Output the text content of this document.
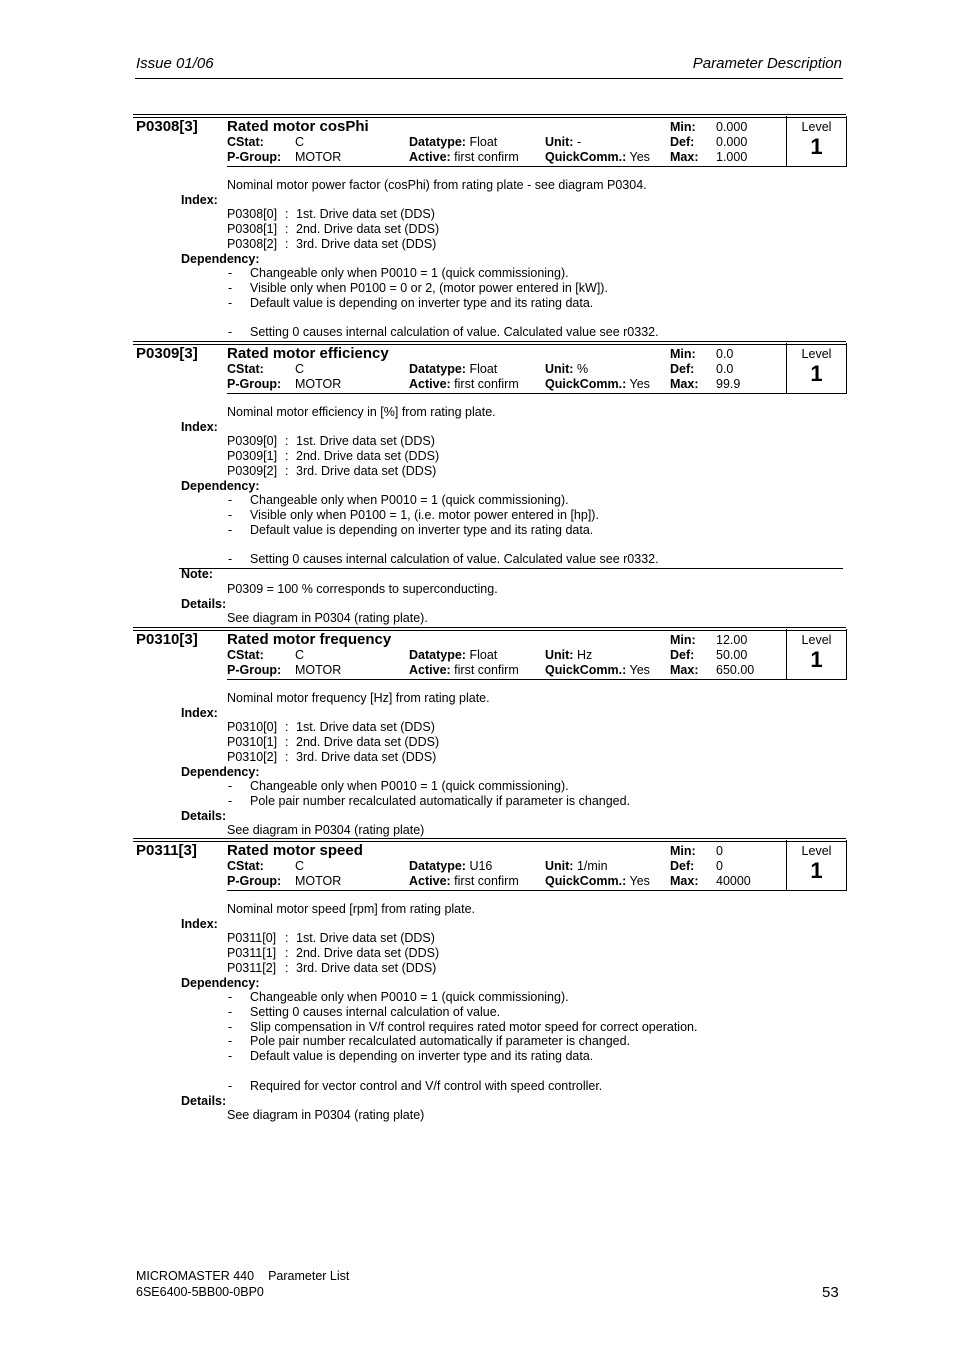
Issue 01/06	Parameter Description
P0308[3] Rated motor cosPhi
CStat: C
P-Group: MOTOR
Datatype: Float
Active: first confirm
Unit: -
QuickComm.: Yes
Min: 0.000
Def: 0.000
Max: 1.000
Level
1
Nominal motor power factor (cosPhi) from rating plate - see diagram P0304.
Index:
P0308[0] : 1st. Drive data set (DDS)
P0308[1] : 2nd. Drive data set (DDS)
P0308[2] : 3rd. Drive data set (DDS)
Dependency:
- Changeable only when P0010 = 1 (quick commissioning).
- Visible only when P0100 = 0 or 2, (motor power entered in [kW]).
- Default value is depending on inverter type and its rating data.
- Setting 0 causes internal calculation of value. Calculated value see r0332.
P0309[3] Rated motor efficiency
CStat: C
P-Group: MOTOR
Datatype: Float
Active: first confirm
Unit: %
QuickComm.: Yes
Min: 0.0
Def: 0.0
Max: 99.9
Level
1
Nominal motor efficiency in [%] from rating plate.
Index:
P0309[0] : 1st. Drive data set (DDS)
P0309[1] : 2nd. Drive data set (DDS)
P0309[2] : 3rd. Drive data set (DDS)
Dependency:
- Changeable only when P0010 = 1 (quick commissioning).
- Visible only when P0100 = 1, (i.e. motor power entered in [hp]).
- Default value is depending on inverter type and its rating data.
- Setting 0 causes internal calculation of value. Calculated value see r0332.
Note:
P0309 = 100 % corresponds to superconducting.
Details:
See diagram in P0304 (rating plate).
P0310[3] Rated motor frequency
CStat: C
P-Group: MOTOR
Datatype: Float
Active: first confirm
Unit: Hz
QuickComm.: Yes
Min: 12.00
Def: 50.00
Max: 650.00
Level
1
Nominal motor frequency [Hz] from rating plate.
Index:
P0310[0] : 1st. Drive data set (DDS)
P0310[1] : 2nd. Drive data set (DDS)
P0310[2] : 3rd. Drive data set (DDS)
Dependency:
- Changeable only when P0010 = 1 (quick commissioning).
- Pole pair number recalculated automatically if parameter is changed.
Details:
See diagram in P0304 (rating plate)
P0311[3] Rated motor speed
CStat: C
P-Group: MOTOR
Datatype: U16
Active: first confirm
Unit: 1/min
QuickComm.: Yes
Min: 0
Def: 0
Max: 40000
Level
1
Nominal motor speed [rpm] from rating plate.
Index:
P0311[0] : 1st. Drive data set (DDS)
P0311[1] : 2nd. Drive data set (DDS)
P0311[2] : 3rd. Drive data set (DDS)
Dependency:
- Changeable only when P0010 = 1 (quick commissioning).
- Setting 0 causes internal calculation of value.
- Slip compensation in V/f control requires rated motor speed for correct operation.
- Pole pair number recalculated automatically if parameter is changed.
- Default value is depending on inverter type and its rating data.
- Required for vector control and V/f control with speed controller.
Details:
See diagram in P0304 (rating plate)
MICROMASTER 440 Parameter List
6SE6400-5BB00-0BP0	53
